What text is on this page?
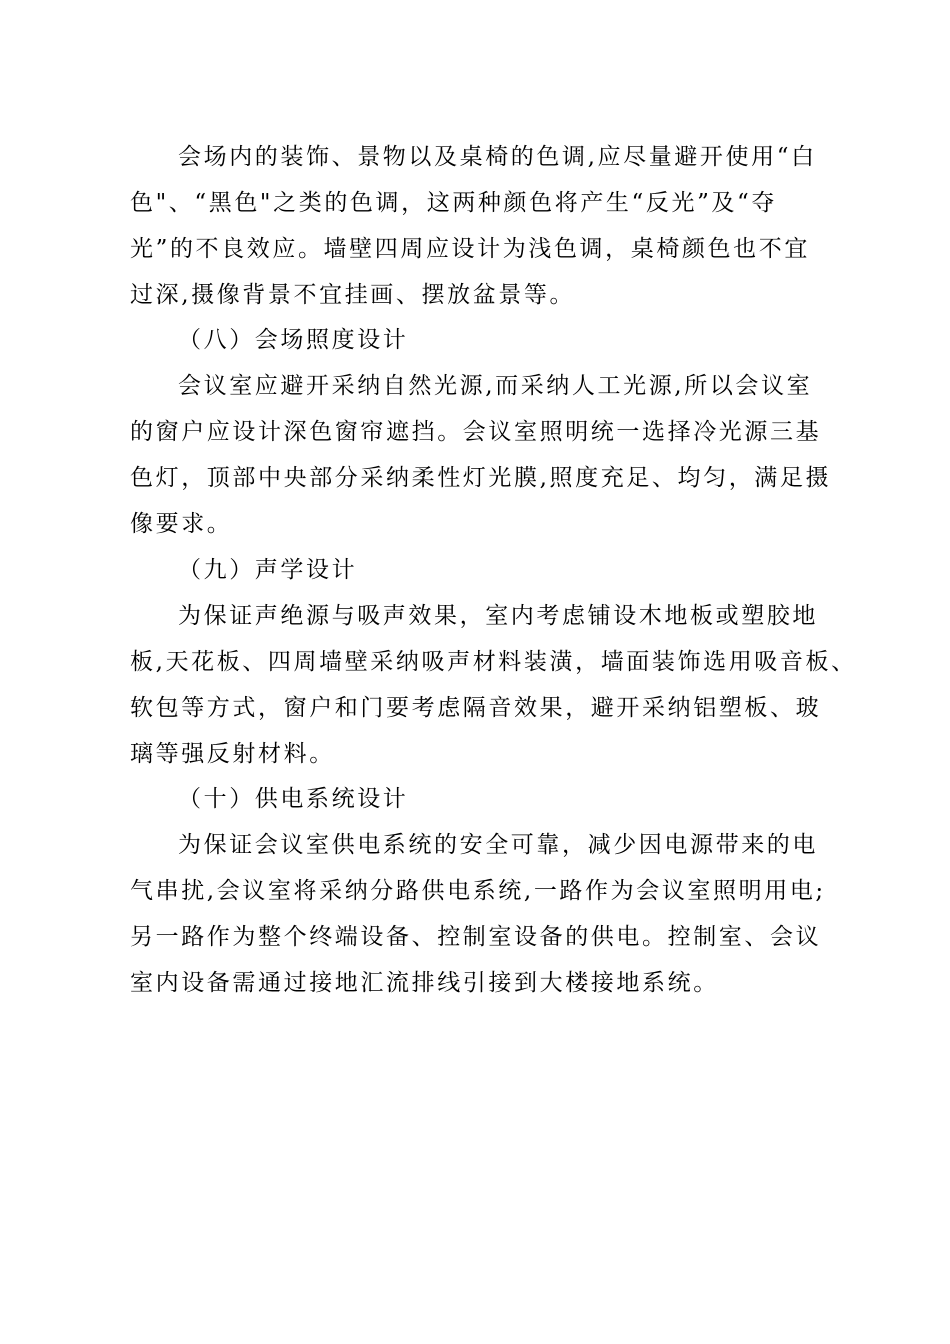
会场内的装饰、景物以及桌椅的色调,应尽量避开使用“白
色"、“黑色"之类的色调，这两种颜色将产生“反光”及“夺
光”的不良效应。墙壁四周应设计为浅色调，桌椅颜色也不宜
过深,摄像背景不宜挂画、摆放盆景等。
（八）会场照度设计
会议室应避开采纳自然光源,而采纳人工光源,所以会议室
的窗户应设计深色窗帘遮挡。会议室照明统一选择冷光源三基
色灯，顶部中央部分采纳柔性灯光膜,照度充足、均匀，满足摄
像要求。
（九）声学设计
为保证声绝源与吸声效果，室内考虑铺设木地板或塑胶地
板,天花板、四周墙壁采纳吸声材料装潢，墙面装饰选用吸音板、
软包等方式，窗户和门要考虑隔音效果，避开采纳铝塑板、玻
璃等强反射材料。
（十）供电系统设计
为保证会议室供电系统的安全可靠，减少因电源带来的电
气串扰,会议室将采纳分路供电系统,一路作为会议室照明用电;
另一路作为整个终端设备、控制室设备的供电。控制室、会议
室内设备需通过接地汇流排线引接到大楼接地系统。
